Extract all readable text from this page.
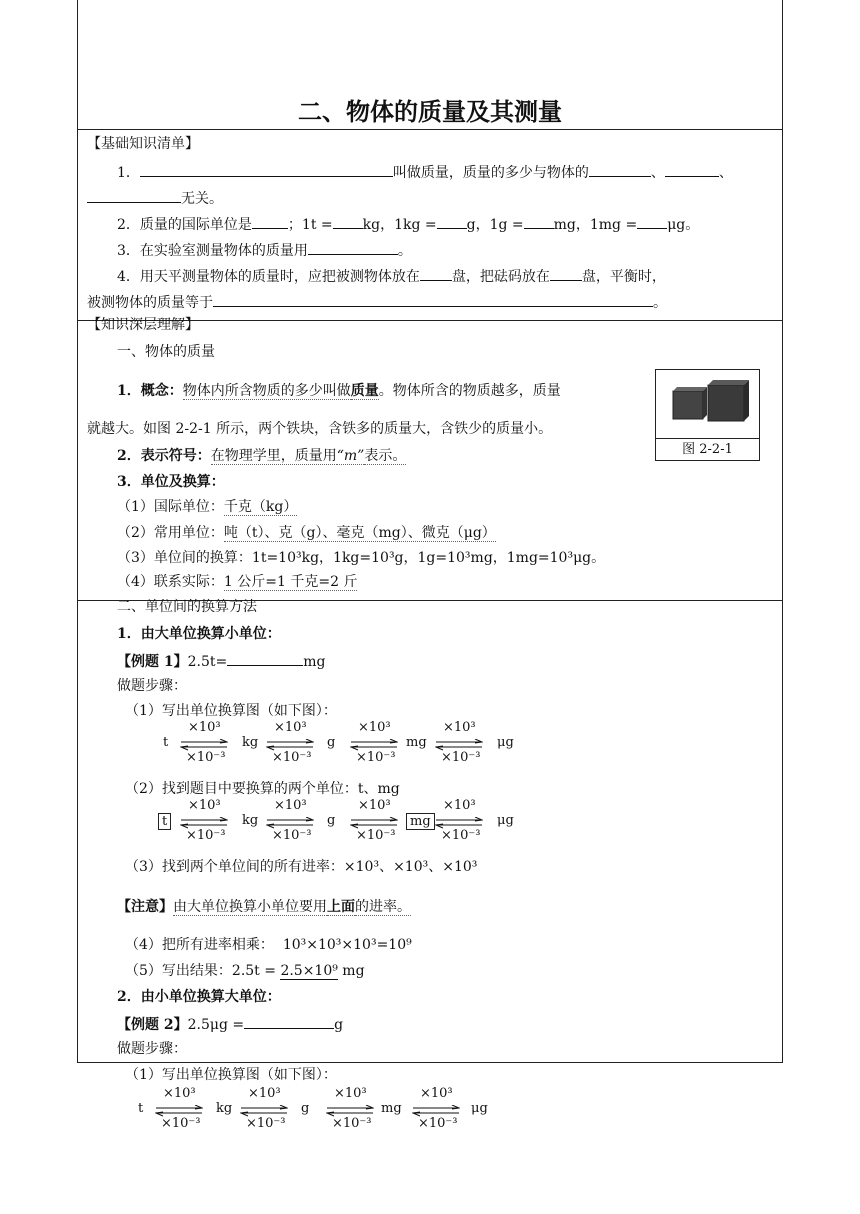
二、物体的质量及其测量
【基础知识清单】
1．	叫做质量，质量的多少与物体的	、	、
无关。
2．质量的国际单位是	；1t = kg，1kg = g，1g = mg，1mg = μg。
3．在实验室测量物体的质量用	。
4．用天平测量物体的质量时，应把被测物体放在 盘，把砝码放在 盘，平衡时，
被测物体的质量等于	。
【知识深层理解】
一、物体的质量
1．概念：物体内所含物质的多少叫做质量。物体所含的物质越多，质量
就越大。如图 2-2-1 所示，两个铁块，含铁多的质量大，含铁少的质量小。
图 2-2-1
2．表示符号：在物理学里，质量用“m”表示。
3．单位及换算：
（1）国际单位：千克（kg）
（2）常用单位：吨（t）、克（g）、毫克（mg）、微克（μg）
（3）单位间的换算：1t=10³kg，1kg=10³g，1g=10³mg，1mg=10³μg。
（4）联系实际：1 公斤=1 千克=2 斤
二、单位间的换算方法
1．由大单位换算小单位：
【例题 1】2.5t=	mg
做题步骤：
（1）写出单位换算图（如下图）：
t	kg	g	mg	μg
×10³
×10⁻³
×10³
×10⁻³
×10³
×10⁻³
×10³
×10⁻³
（2）找到题目中要换算的两个单位：t、mg
t	kg	g	mg	μg
×10³
×10⁻³
×10³
×10⁻³
×10³
×10⁻³
×10³
×10⁻³
（3）找到两个单位间的所有进率：×10³、×10³、×10³
【注意】由大单位换算小单位要用上面的进率。
（4）把所有进率相乘： 10³×10³×10³=10⁹
（5）写出结果：2.5t = 2.5×10⁹ mg
2．由小单位换算大单位：
【例题 2】2.5μg =	g
做题步骤：
（1）写出单位换算图（如下图）：
t	kg	g	mg	μg
×10³
×10⁻³
×10³
×10⁻³
×10³
×10⁻³
×10³
×10⁻³
